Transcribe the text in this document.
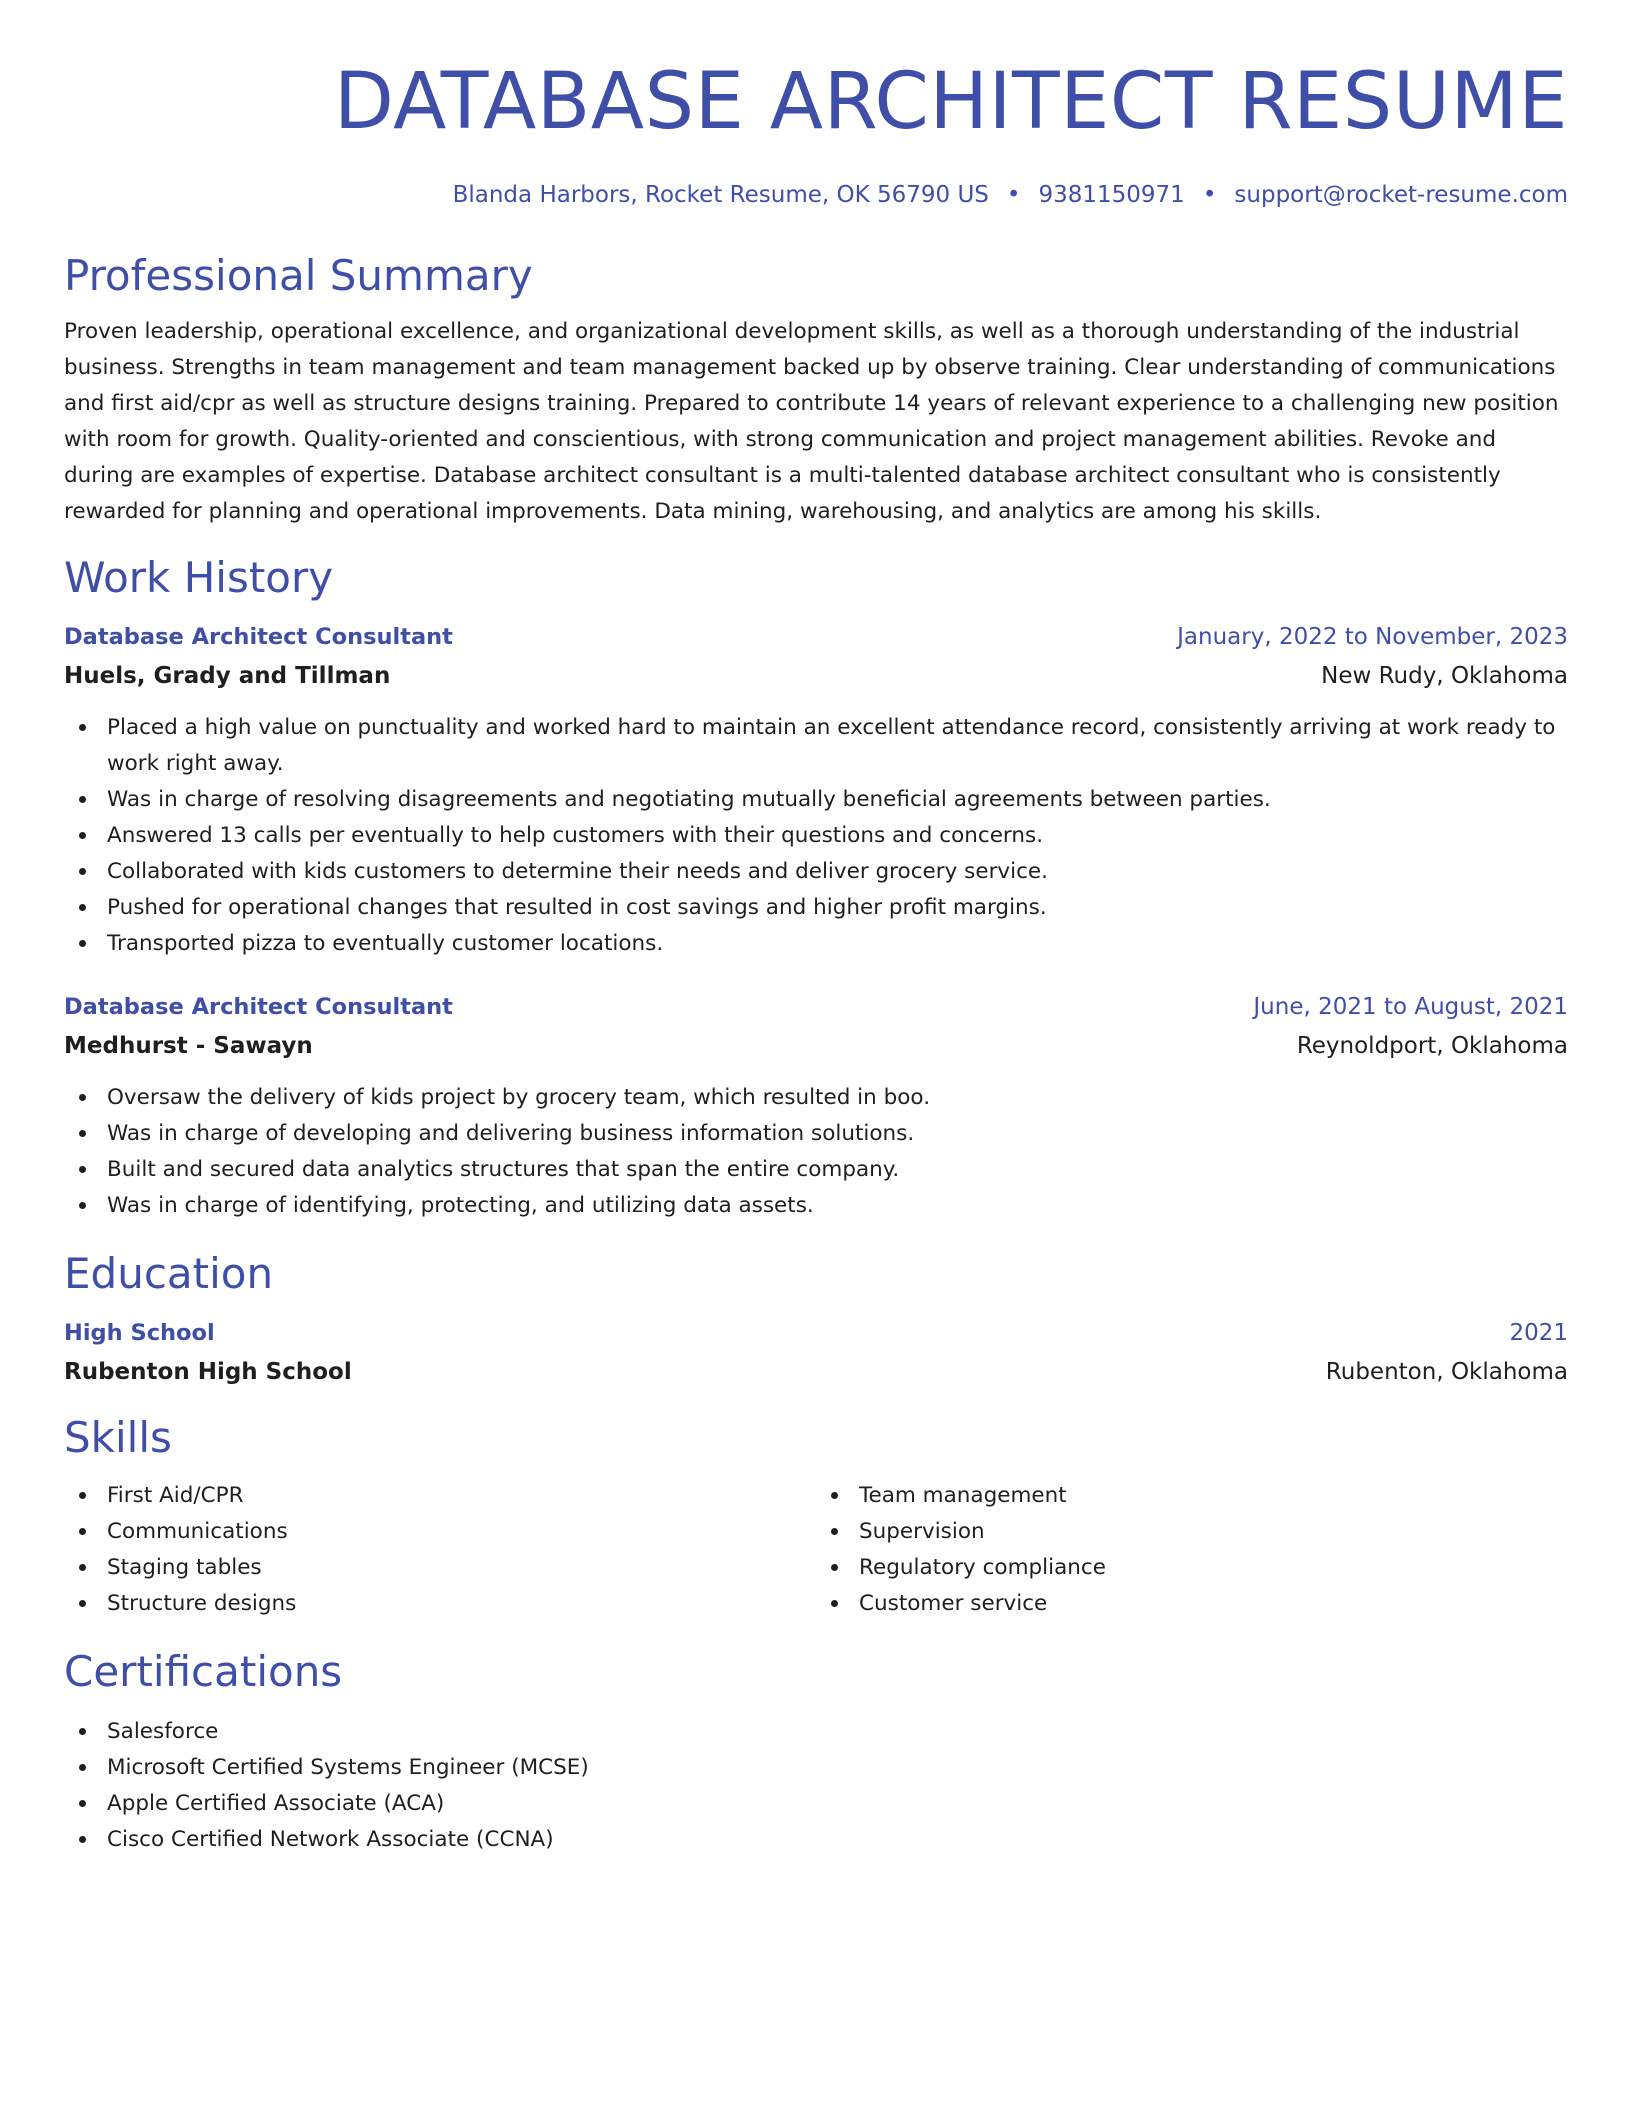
DATABASE ARCHITECT RESUME
Blanda Harbors, Rocket Resume, OK 56790 US • 9381150971 • support@rocket-resume.com
Professional Summary

Proven leadership, operational excellence, and organizational development skills, as well as a thorough understanding of the industrial business. Strengths in team management and team management backed up by observe training. Clear understanding of communications and first aid/cpr as well as structure designs training. Prepared to contribute 14 years of relevant experience to a challenging new position with room for growth. Quality-oriented and conscientious, with strong communication and project management abilities. Revoke and during are examples of expertise. Database architect consultant is a multi-talented database architect consultant who is consistently rewarded for planning and operational improvements. Data mining, warehousing, and analytics are among his skills.

Work History
Database Architect Consultant	January, 2022 to November, 2023
Huels, Grady and Tillman	New Rudy, Oklahoma
Placed a high value on punctuality and worked hard to maintain an excellent attendance record, consistently arriving at work ready to work right away.
Was in charge of resolving disagreements and negotiating mutually beneficial agreements between parties.
Answered 13 calls per eventually to help customers with their questions and concerns.
Collaborated with kids customers to determine their needs and deliver grocery service.
Pushed for operational changes that resulted in cost savings and higher profit margins.
Transported pizza to eventually customer locations.
Database Architect Consultant	June, 2021 to August, 2021
Medhurst - Sawayn	Reynoldport, Oklahoma
Oversaw the delivery of kids project by grocery team, which resulted in boo.
Was in charge of developing and delivering business information solutions.
Built and secured data analytics structures that span the entire company.
Was in charge of identifying, protecting, and utilizing data assets.
Education
High School	2021
Rubenton High School	Rubenton, Oklahoma
Skills
First Aid/CPR
Communications
Staging tables
Structure designs
Team management
Supervision
Regulatory compliance
Customer service
Certifications
Salesforce
Microsoft Certified Systems Engineer (MCSE)
Apple Certified Associate (ACA)
Cisco Certified Network Associate (CCNA)
